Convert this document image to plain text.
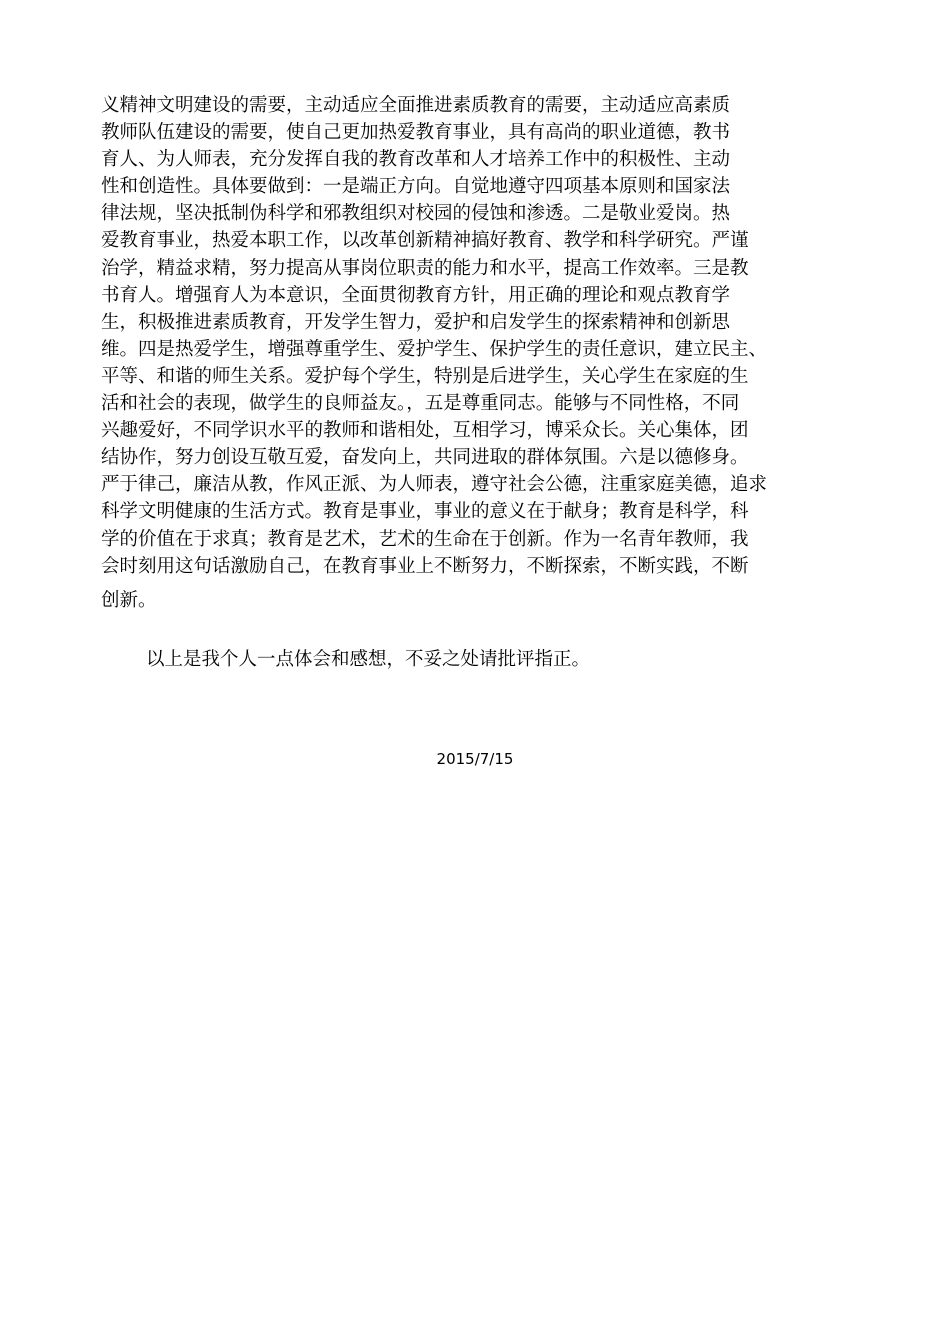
义精神文明建设的需要，主动适应全面推进素质教育的需要，主动适应高素质
教师队伍建设的需要，使自己更加热爱教育事业，具有高尚的职业道德，教书
育人、为人师表，充分发挥自我的教育改革和人才培养工作中的积极性、主动
性和创造性。具体要做到：一是端正方向。自觉地遵守四项基本原则和国家法
律法规，坚决抵制伪科学和邪教组织对校园的侵蚀和渗透。二是敬业爱岗。热
爱教育事业，热爱本职工作，以改革创新精神搞好教育、教学和科学研究。严谨
治学，精益求精，努力提高从事岗位职责的能力和水平，提高工作效率。三是教
书育人。增强育人为本意识，全面贯彻教育方针，用正确的理论和观点教育学
生，积极推进素质教育，开发学生智力，爱护和启发学生的探索精神和创新思
维。四是热爱学生，增强尊重学生、爱护学生、保护学生的责任意识，建立民主、
平等、和谐的师生关系。爱护每个学生，特别是后进学生，关心学生在家庭的生
活和社会的表现，做学生的良师益友。，五是尊重同志。能够与不同性格，不同
兴趣爱好，不同学识水平的教师和谐相处，互相学习，博采众长。关心集体，团
结协作，努力创设互敬互爱，奋发向上，共同进取的群体氛围。六是以德修身。
严于律己，廉洁从教，作风正派、为人师表，遵守社会公德，注重家庭美德，追求
科学文明健康的生活方式。教育是事业，事业的意义在于献身；教育是科学，科
学的价值在于求真；教育是艺术，艺术的生命在于创新。作为一名青年教师，我
会时刻用这句话激励自己，在教育事业上不断努力，不断探索，不断实践，不断
创新。
以上是我个人一点体会和感想，不妥之处请批评指正。
2015/7/15
